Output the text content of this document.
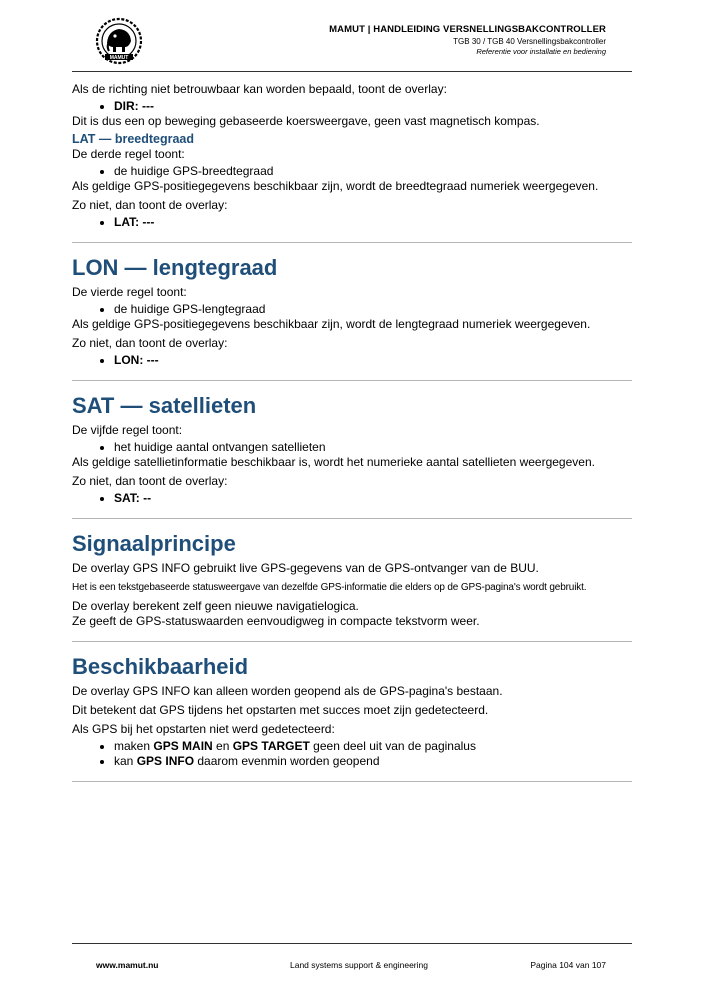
MAMUT
MAMUT | HANDLEIDING VERSNELLINGSBAKCONTROLLER
TGB 30 / TGB 40 Versnellingsbakcontroller
Referentie voor installatie en bediening

Als de richting niet betrouwbaar kan worden bepaald, toont de overlay:

• DIR: ---

Dit is dus een op beweging gebaseerde koersweergave, geen vast magnetisch kompas.

LAT — breedtegraad

De derde regel toont:

• de huidige GPS-breedtegraad

Als geldige GPS-positiegegevens beschikbaar zijn, wordt de breedtegraad numeriek weergegeven.

Zo niet, dan toont de overlay:

• LAT: ---
LON — lengtegraad

De vierde regel toont:

• de huidige GPS-lengtegraad

Als geldige GPS-positiegegevens beschikbaar zijn, wordt de lengtegraad numeriek weergegeven.

Zo niet, dan toont de overlay:

• LON: ---
SAT — satellieten

De vijfde regel toont:

• het huidige aantal ontvangen satellieten

Als geldige satellietinformatie beschikbaar is, wordt het numerieke aantal satellieten weergegeven.

Zo niet, dan toont de overlay:

• SAT: --
Signaalprincipe

De overlay GPS INFO gebruikt live GPS-gegevens van de GPS-ontvanger van de BUU.

Het is een tekstgebaseerde statusweergave van dezelfde GPS-informatie die elders op de GPS-pagina's wordt gebruikt.

De overlay berekent zelf geen nieuwe navigatielogica.

Ze geeft de GPS-statuswaarden eenvoudigweg in compacte tekstvorm weer.

Beschikbaarheid

De overlay GPS INFO kan alleen worden geopend als de GPS-pagina's bestaan.

Dit betekent dat GPS tijdens het opstarten met succes moet zijn gedetecteerd.

Als GPS bij het opstarten niet werd gedetecteerd:

• maken GPS MAIN en GPS TARGET geen deel uit van de paginalus
• kan GPS INFO daarom evenmin worden geopend
www.mamut.nu	Land systems support & engineering	Pagina 104 van 107
